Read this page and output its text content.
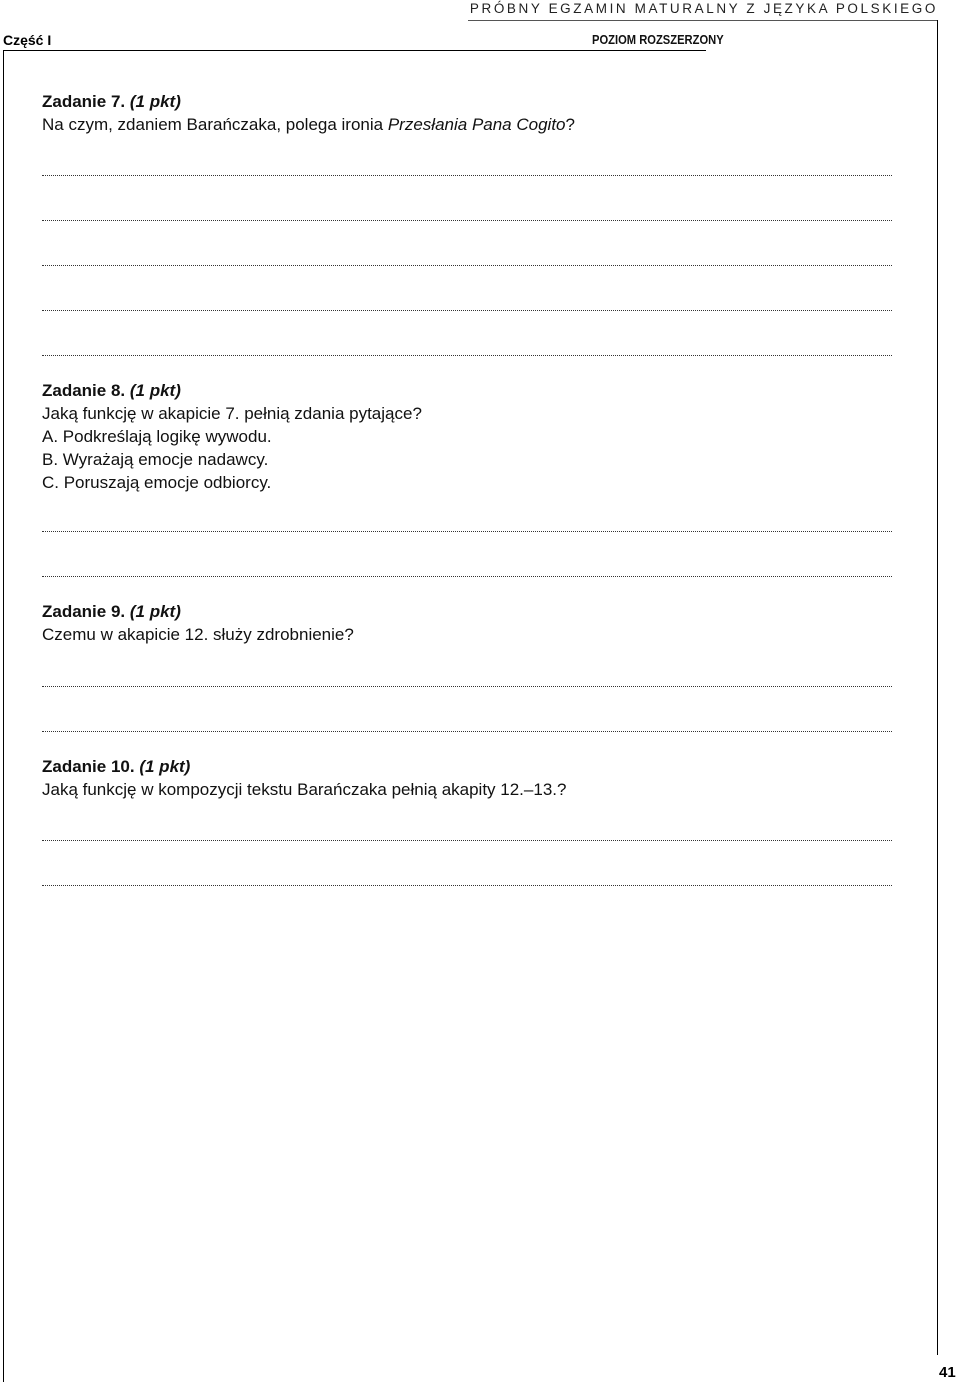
PRÓBNY EGZAMIN MATURALNY Z JĘZYKA POLSKIEGO
Część I	POZIOM ROZSZERZONY
Zadanie 7. (1 pkt)
Na czym, zdaniem Barańczaka, polega ironia Przesłania Pana Cogito?
Zadanie 8. (1 pkt)
Jaką funkcję w akapicie 7. pełnią zdania pytające?
A. Podkreślają logikę wywodu.
B. Wyrażają emocje nadawcy.
C. Poruszają emocje odbiorcy.
Zadanie 9. (1 pkt)
Czemu w akapicie 12. służy zdrobnienie?
Zadanie 10. (1 pkt)
Jaką funkcję w kompozycji tekstu Barańczaka pełnią akapity 12.–13.?
41
